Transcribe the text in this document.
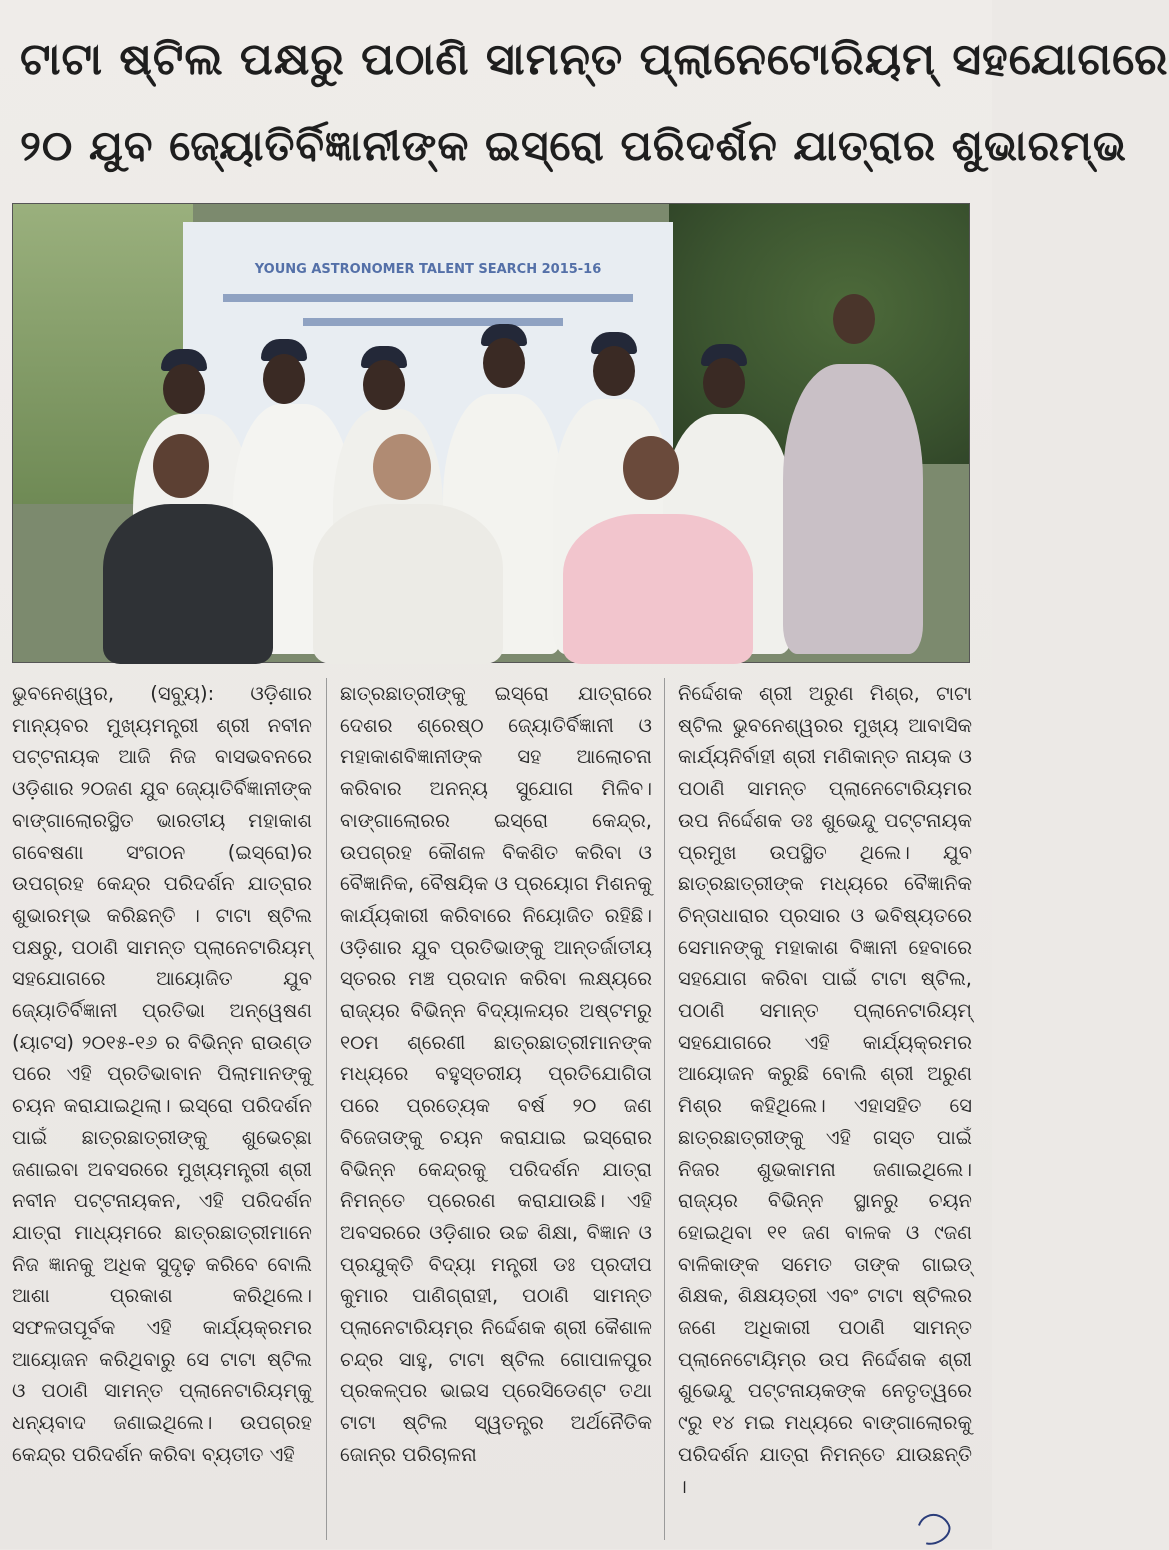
ଟାଟା ଷ୍ଟିଲ ପକ୍ଷରୁ ପଠାଣି ସାମନ୍ତ ପ୍ଲାନେଟୋରିୟମ୍ ସହଯୋଗରେ
୨୦ ଯୁବ ଜ୍ୟୋତିର୍ବିଜ୍ଞାନୀଙ୍କ ଇସ୍ରୋ ପରିଦର୍ଶନ ଯାତ୍ରାର ଶୁଭାରମ୍ଭ
YOUNG ASTRONOMER TALENT SEARCH 2015-16
ଭୁବନେଶ୍ୱର, (ସବ୍ୟୁ): ଓଡ଼ିଶାର ମାନ୍ୟବର ମୁଖ୍ୟମନ୍ତ୍ରୀ ଶ୍ରୀ ନବୀନ ପଟ୍ଟନାୟକ ଆଜି ନିଜ ବାସଭବନରେ ଓଡ଼ିଶାର ୨୦ଜଣ ଯୁବ ଜ୍ୟୋତିର୍ବିଜ୍ଞାନୀଙ୍କ ବାଙ୍ଗାଲୋରସ୍ଥିତ ଭାରତୀୟ ମହାକାଶ ଗବେଷଣା ସଂଗଠନ (ଇସ୍ରୋ)ର ଉପଗ୍ରହ କେନ୍ଦ୍ର ପରିଦର୍ଶନ ଯାତ୍ରାର ଶୁଭାରମ୍ଭ କରିଛନ୍ତି । ଟାଟା ଷ୍ଟିଲ ପକ୍ଷରୁ, ପଠାଣି ସାମନ୍ତ ପ୍ଲାନେଟାରିୟମ୍ ସହଯୋଗରେ ଆୟୋଜିତ ଯୁବ ଜ୍ୟୋତିର୍ବିଜ୍ଞାନୀ ପ୍ରତିଭା ଅନ୍ୱେଷଣ (ୟାଟସ) ୨୦୧୫-୧୬ ର ବିଭିନ୍ନ ରାଉଣ୍ଡ ପରେ ଏହି ପ୍ରତିଭାବାନ ପିଲାମାନଙ୍କୁ ଚୟନ କରାଯାଇଥିଲା। ଇସ୍ରୋ ପରିଦର୍ଶନ ପାଇଁ ଛାତ୍ରଛାତ୍ରୀଙ୍କୁ ଶୁଭେଚ୍ଛା ଜଣାଇବା ଅବସରରେ ମୁଖ୍ୟମନ୍ତ୍ରୀ ଶ୍ରୀ ନବୀନ ପଟ୍ଟନାୟକନ, ଏହି ପରିଦର୍ଶନ ଯାତ୍ରା ମାଧ୍ୟମରେ ଛାତ୍ରଛାତ୍ରୀମାନେ ନିଜ ଜ୍ଞାନକୁ ଅଧିକ ସୁଦୃଢ଼ କରିବେ ବୋଲି ଆଶା ପ୍ରକାଶ କରିଥିଲେ। ସଫଳତାପୂର୍ବକ ଏହି କାର୍ଯ୍ୟକ୍ରମର ଆୟୋଜନ କରିଥିବାରୁ ସେ ଟାଟା ଷ୍ଟିଲ ଓ ପଠାଣି ସାମନ୍ତ ପ୍ଲାନେଟାରିୟମ୍‌କୁ ଧନ୍ୟବାଦ ଜଣାଇଥିଲେ। ଉପଗ୍ରହ କେନ୍ଦ୍ର ପରିଦର୍ଶନ କରିବା ବ୍ୟତୀତ ଏହି
ଛାତ୍ରଛାତ୍ରୀଙ୍କୁ ଇସ୍ରୋ ଯାତ୍ରାରେ ଦେଶର ଶ୍ରେଷ୍ଠ ଜ୍ୟୋତିର୍ବିଜ୍ଞାନୀ ଓ ମହାକାଶବିଜ୍ଞାନୀଙ୍କ ସହ ଆଲୋଚନା କରିବାର ଅନନ୍ୟ ସୁଯୋଗ ମିଳିବ। ବାଙ୍ଗାଲୋରର ଇସ୍ରୋ କେନ୍ଦ୍ର, ଉପଗ୍ରହ କୌଶଳ ବିକଶିତ କରିବା ଓ ବୈଜ୍ଞାନିକ, ବୈଷୟିକ ଓ ପ୍ରୟୋଗ ମିଶନକୁ କାର୍ଯ୍ୟକାରୀ କରିବାରେ ନିୟୋଜିତ ରହିଛି। ଓଡ଼ିଶାର ଯୁବ ପ୍ରତିଭାଙ୍କୁ ଆନ୍ତର୍ଜାତୀୟ ସ୍ତରର ମଞ୍ଚ ପ୍ରଦାନ କରିବା ଲକ୍ଷ୍ୟରେ ରାଜ୍ୟର ବିଭିନ୍ନ ବିଦ୍ୟାଳୟର ଅଷ୍ଟମରୁ ୧୦ମ ଶ୍ରେଣୀ ଛାତ୍ରଛାତ୍ରୀମାନଙ୍କ ମଧ୍ୟରେ ବହୁସ୍ତରୀୟ ପ୍ରତିଯୋଗିତା ପରେ ପ୍ରତ୍ୟେକ ବର୍ଷ ୨୦ ଜଣ ବିଜେତାଙ୍କୁ ଚୟନ କରାଯାଇ ଇସ୍ରୋର ବିଭିନ୍ନ କେନ୍ଦ୍ରକୁ ପରିଦର୍ଶନ ଯାତ୍ରା ନିମନ୍ତେ ପ୍ରେରଣ କରାଯାଉଛି। ଏହି ଅବସରରେ ଓଡ଼ିଶାର ଉଚ୍ଚ ଶିକ୍ଷା, ବିଜ୍ଞାନ ଓ ପ୍ରଯୁକ୍ତି ବିଦ୍ୟା ମନ୍ତ୍ରୀ ଡଃ ପ୍ରଦୀପ କୁମାର ପାଣିଗ୍ରାହୀ, ପଠାଣି ସାମନ୍ତ ପ୍ଲାନେଟାରିୟମ୍‌ର ନିର୍ଦ୍ଦେଶକ ଶ୍ରୀ କୈଶାଳ ଚନ୍ଦ୍ର ସାହୁ, ଟାଟା ଷ୍ଟିଲ ଗୋପାଳପୁର ପ୍ରକଳ୍ପର ଭାଇସ ପ୍ରେସିଡେଣ୍ଟ ତଥା ଟାଟା ଷ୍ଟିଲ ସ୍ୱତନ୍ତ୍ର ଅର୍ଥନୈତିକ ଜୋନ୍‌ର ପରିଚାଳନା
ନିର୍ଦ୍ଦେଶକ ଶ୍ରୀ ଅରୁଣ ମିଶ୍ର, ଟାଟା ଷ୍ଟିଲ ଭୁବନେଶ୍ୱରର ମୁଖ୍ୟ ଆବାସିକ କାର୍ଯ୍ୟନିର୍ବାହୀ ଶ୍ରୀ ମଣିକାନ୍ତ ନାୟକ ଓ ପଠାଣି ସାମନ୍ତ ପ୍ଲାନେଟୋରିୟମର ଉପ ନିର୍ଦ୍ଦେଶକ ଡଃ ଶୁଭେନ୍ଦୁ ପଟ୍ଟନାୟକ ପ୍ରମୁଖ ଉପସ୍ଥିତ ଥିଲେ। ଯୁବ ଛାତ୍ରଛାତ୍ରୀଙ୍କ ମଧ୍ୟରେ ବୈଜ୍ଞାନିକ ଚିନ୍ତାଧାରାର ପ୍ରସାର ଓ ଭବିଷ୍ୟତରେ ସେମାନଙ୍କୁ ମହାକାଶ ବିଜ୍ଞାନୀ ହେବାରେ ସହଯୋଗ କରିବା ପାଇଁ ଟାଟା ଷ୍ଟିଲ, ପଠାଣି ସମାନ୍ତ ପ୍ଲାନେଟାରିୟମ୍ ସହଯୋଗରେ ଏହି କାର୍ଯ୍ୟକ୍ରମର ଆୟୋଜନ କରୁଛି ବୋଲି ଶ୍ରୀ ଅରୁଣ ମିଶ୍ର କହିଥିଲେ। ଏହାସହିତ ସେ ଛାତ୍ରଛାତ୍ରୀଙ୍କୁ ଏହି ଗସ୍ତ ପାଇଁ ନିଜର ଶୁଭକାମନା ଜଣାଇଥିଲେ। ରାଜ୍ୟର ବିଭିନ୍ନ ସ୍ଥାନରୁ ଚୟନ ହୋଇଥିବା ୧୧ ଜଣ ବାଳକ ଓ ୯ଜଣ ବାଳିକାଙ୍କ ସମେତ ତାଙ୍କ ଗାଇଡ୍ ଶିକ୍ଷକ, ଶିକ୍ଷୟତ୍ରୀ ଏବଂ ଟାଟା ଷ୍ଟିଲର ଜଣେ ଅଧିକାରୀ ପଠାଣି ସାମନ୍ତ ପ୍ଲାନେଟୋୟିମ୍‌ର ଉପ ନିର୍ଦ୍ଦେଶକ ଶ୍ରୀ ଶୁଭେନ୍ଦୁ ପଟ୍ଟନାୟକଙ୍କ ନେତୃତ୍ୱରେ ୯ରୁ ୧୪ ମଇ ମଧ୍ୟରେ ବାଙ୍ଗାଲୋରକୁ ପରିଦର୍ଶନ ଯାତ୍ରା ନିମନ୍ତେ ଯାଉଛନ୍ତି ।
